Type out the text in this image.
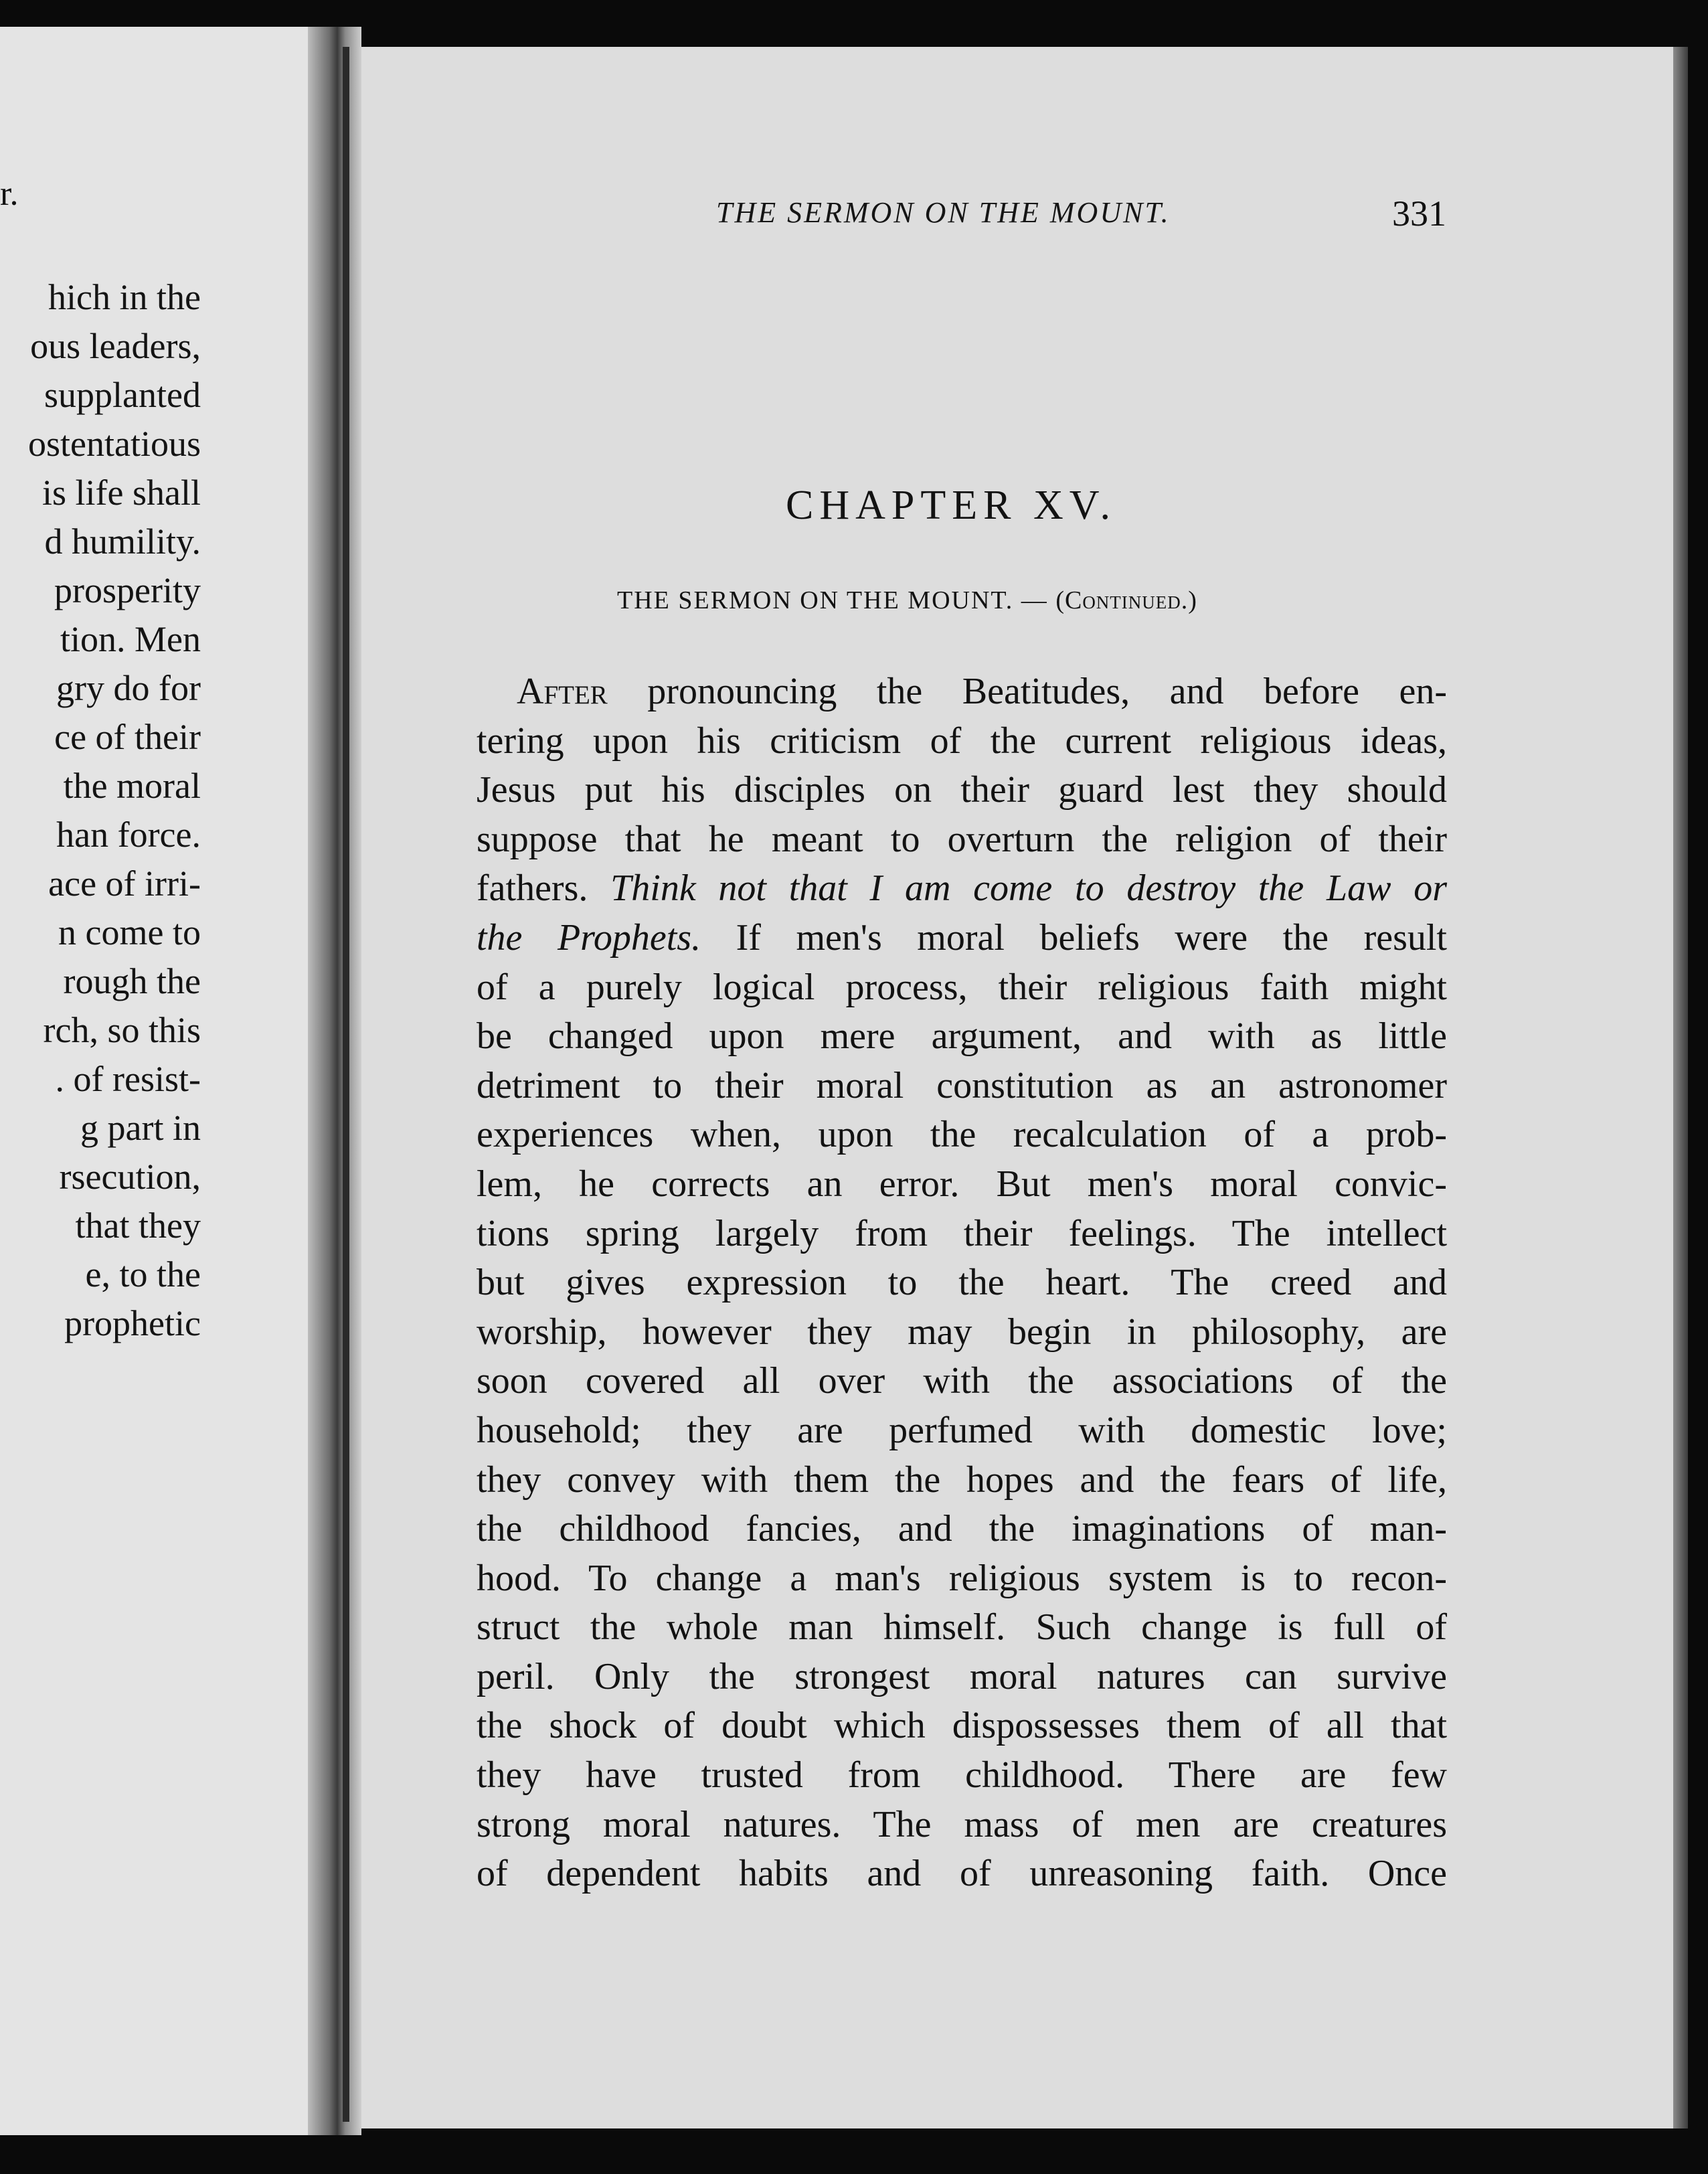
r.
hich in the
ous leaders,
supplanted
ostentatious
is life shall
d humility.
prosperity
tion. Men
gry do for
ce of their
the moral
han force.
ace of irri-
n come to
rough the
rch, so this
. of resist-
g part in
rsecution,
that they
e, to the
prophetic
THE SERMON ON THE MOUNT.	331
CHAPTER XV.
THE SERMON ON THE MOUNT. — (Continued.)
After pronouncing the Beatitudes, and before en-
tering upon his criticism of the current religious ideas,
Jesus put his disciples on their guard lest they should
suppose that he meant to overturn the religion of their
fathers. Think not that I am come to destroy the Law or
the Prophets. If men's moral beliefs were the result
of a purely logical process, their religious faith might
be changed upon mere argument, and with as little
detriment to their moral constitution as an astronomer
experiences when, upon the recalculation of a prob-
lem, he corrects an error. But men's moral convic-
tions spring largely from their feelings. The intellect
but gives expression to the heart. The creed and
worship, however they may begin in philosophy, are
soon covered all over with the associations of the
household; they are perfumed with domestic love;
they convey with them the hopes and the fears of life,
the childhood fancies, and the imaginations of man-
hood. To change a man's religious system is to recon-
struct the whole man himself. Such change is full of
peril. Only the strongest moral natures can survive
the shock of doubt which dispossesses them of all that
they have trusted from childhood. There are few
strong moral natures. The mass of men are creatures
of dependent habits and of unreasoning faith. Once
